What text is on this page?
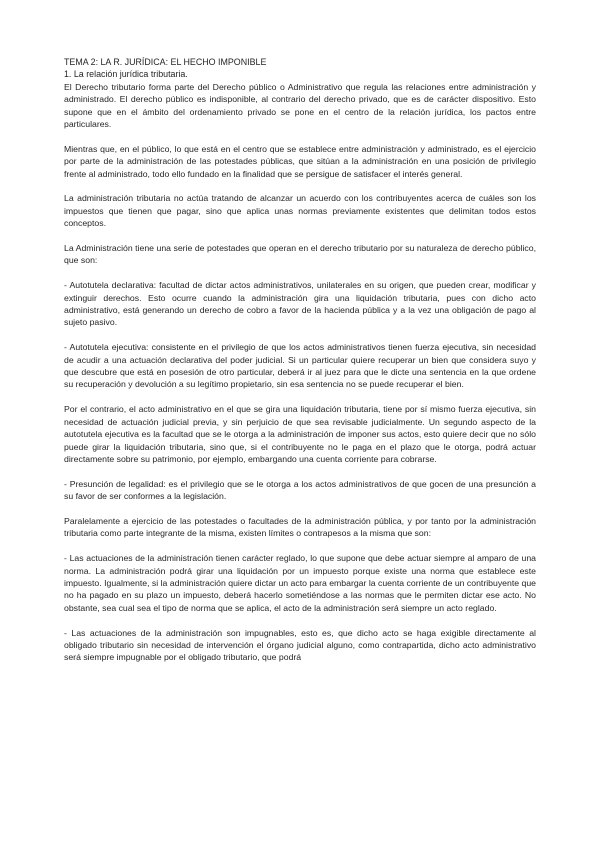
TEMA 2: LA R. JURÍDICA: EL HECHO IMPONIBLE
1. La relación jurídica tributaria.

El Derecho tributario forma parte del Derecho público o Administrativo que regula las relaciones entre administración y administrado. El derecho público es indisponible, al contrario del derecho privado, que es de carácter dispositivo. Esto supone que en el ámbito del ordenamiento privado se pone en el centro de la relación jurídica, los pactos entre particulares.

Mientras que, en el público, lo que está en el centro que se establece entre administración y administrado, es el ejercicio por parte de la administración de las potestades públicas, que sitúan a la administración en una posición de privilegio frente al administrado, todo ello fundado en la finalidad que se persigue de satisfacer el interés general.

La administración tributaria no actúa tratando de alcanzar un acuerdo con los contribuyentes acerca de cuáles son los impuestos que tienen que pagar, sino que aplica unas normas previamente existentes que delimitan todos estos conceptos.

La Administración tiene una serie de potestades que operan en el derecho tributario por su naturaleza de derecho público, que son:

- Autotutela declarativa: facultad de dictar actos administrativos, unilaterales en su origen, que pueden crear, modificar y extinguir derechos. Esto ocurre cuando la administración gira una liquidación tributaria, pues con dicho acto administrativo, está generando un derecho de cobro a favor de la hacienda pública y a la vez una obligación de pago al sujeto pasivo.

- Autotutela ejecutiva: consistente en el privilegio de que los actos administrativos tienen fuerza ejecutiva, sin necesidad de acudir a una actuación declarativa del poder judicial. Si un particular quiere recuperar un bien que considera suyo y que descubre que está en posesión de otro particular, deberá ir al juez para que le dicte una sentencia en la que ordene su recuperación y devolución a su legítimo propietario, sin esa sentencia no se puede recuperar el bien.

Por el contrario, el acto administrativo en el que se gira una liquidación tributaria, tiene por sí mismo fuerza ejecutiva, sin necesidad de actuación judicial previa, y sin perjuicio de que sea revisable judicialmente. Un segundo aspecto de la autotutela ejecutiva es la facultad que se le otorga a la administración de imponer sus actos, esto quiere decir que no sólo puede girar la liquidación tributaria, sino que, si el contribuyente no le paga en el plazo que le otorga, podrá actuar directamente sobre su patrimonio, por ejemplo, embargando una cuenta corriente para cobrarse.

- Presunción de legalidad: es el privilegio que se le otorga a los actos administrativos de que gocen de una presunción a su favor de ser conformes a la legislación.

Paralelamente a ejercicio de las potestades o facultades de la administración pública, y por tanto por la administración tributaria como parte integrante de la misma, existen límites o contrapesos a la misma que son:

- Las actuaciones de la administración tienen carácter reglado, lo que supone que debe actuar siempre al amparo de una norma. La administración podrá girar una liquidación por un impuesto porque existe una norma que establece este impuesto. Igualmente, si la administración quiere dictar un acto para embargar la cuenta corriente de un contribuyente que no ha pagado en su plazo un impuesto, deberá hacerlo sometiéndose a las normas que le permiten dictar ese acto. No obstante, sea cual sea el tipo de norma que se aplica, el acto de la administración será siempre un acto reglado.

- Las actuaciones de la administración son impugnables, esto es, que dicho acto se haga exigible directamente al obligado tributario sin necesidad de intervención el órgano judicial alguno, como contrapartida, dicho acto administrativo será siempre impugnable por el obligado tributario, que podrá
